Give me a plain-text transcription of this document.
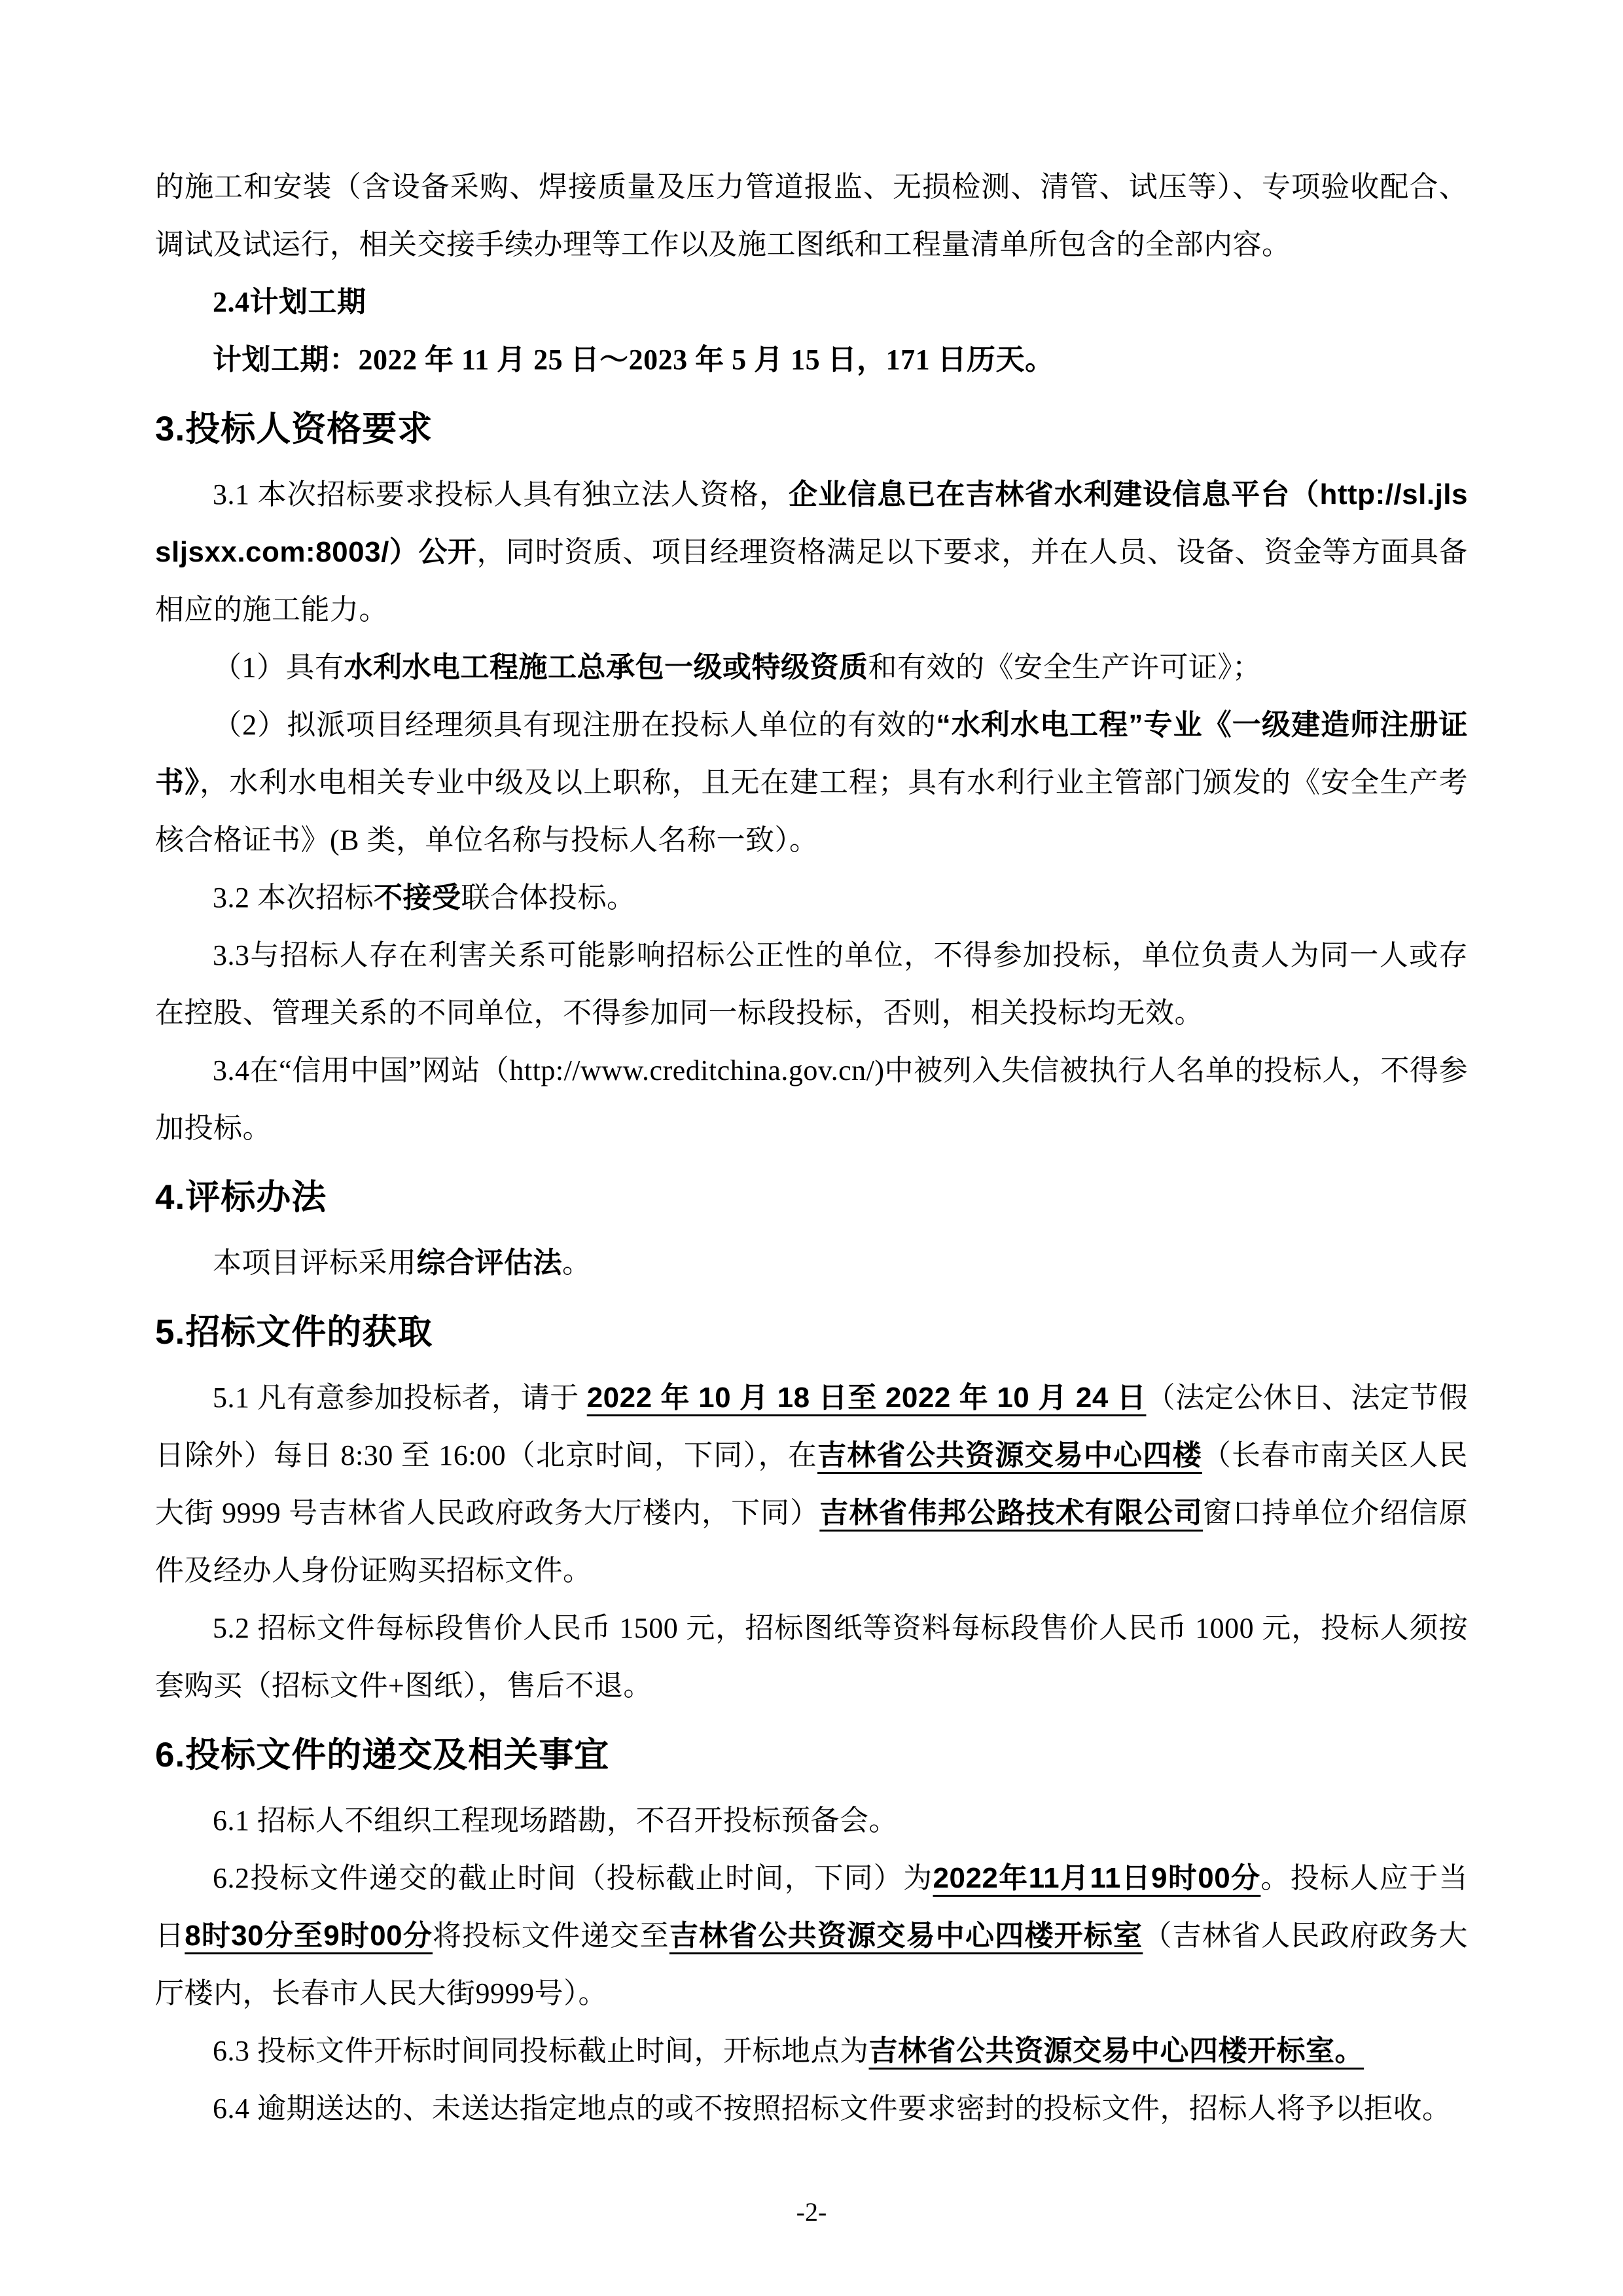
的施工和安装（含设备采购、焊接质量及压力管道报监、无损检测、清管、试压等）、专项验收配合、调试及试运行，相关交接手续办理等工作以及施工图纸和工程量清单所包含的全部内容。

2.4计划工期

计划工期：2022 年 11 月 25 日～2023 年 5 月 15 日，171 日历天。

3.投标人资格要求

3.1 本次招标要求投标人具有独立法人资格，企业信息已在吉林省水利建设信息平台（http://sl.jlssljsxx.com:8003/）公开，同时资质、项目经理资格满足以下要求，并在人员、设备、资金等方面具备相应的施工能力。

（1）具有水利水电工程施工总承包一级或特级资质和有效的《安全生产许可证》；

（2）拟派项目经理须具有现注册在投标人单位的有效的“水利水电工程”专业《一级建造师注册证书》，水利水电相关专业中级及以上职称，且无在建工程；具有水利行业主管部门颁发的《安全生产考核合格证书》(B 类，单位名称与投标人名称一致）。

3.2 本次招标不接受联合体投标。

3.3与招标人存在利害关系可能影响招标公正性的单位，不得参加投标，单位负责人为同一人或存在控股、管理关系的不同单位，不得参加同一标段投标，否则，相关投标均无效。

3.4在“信用中国”网站（http://www.creditchina.gov.cn/)中被列入失信被执行人名单的投标人，不得参加投标。

4.评标办法

本项目评标采用综合评估法。

5.招标文件的获取

5.1 凡有意参加投标者，请于 2022 年 10 月 18 日至 2022 年 10 月 24 日（法定公休日、法定节假日除外）每日 8:30 至 16:00（北京时间，下同），在吉林省公共资源交易中心四楼（长春市南关区人民大街 9999 号吉林省人民政府政务大厅楼内，下同）吉林省伟邦公路技术有限公司窗口持单位介绍信原件及经办人身份证购买招标文件。

5.2 招标文件每标段售价人民币 1500 元，招标图纸等资料每标段售价人民币 1000 元，投标人须按套购买（招标文件+图纸），售后不退。

6.投标文件的递交及相关事宜

6.1 招标人不组织工程现场踏勘，不召开投标预备会。

6.2投标文件递交的截止时间（投标截止时间，下同）为2022年11月11日9时00分。投标人应于当日8时30分至9时00分将投标文件递交至吉林省公共资源交易中心四楼开标室（吉林省人民政府政务大厅楼内，长春市人民大街9999号）。

6.3 投标文件开标时间同投标截止时间，开标地点为吉林省公共资源交易中心四楼开标室。

6.4 逾期送达的、未送达指定地点的或不按照招标文件要求密封的投标文件，招标人将予以拒收。

-2-
